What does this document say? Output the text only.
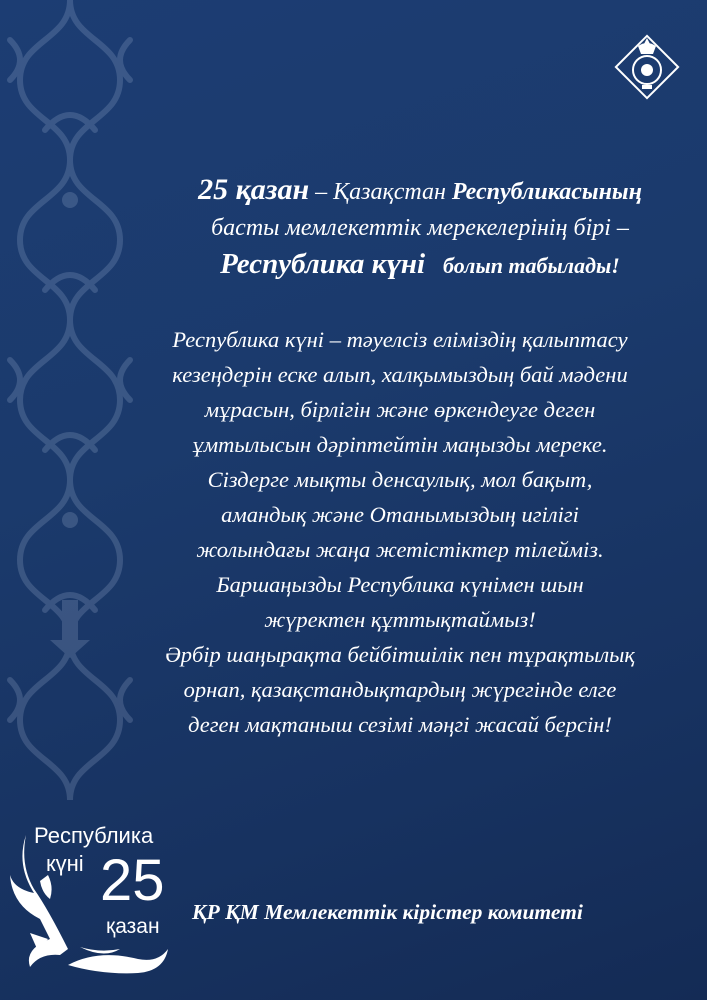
25 қазан – Қазақстан Республикасының
басты мемлекеттік мерекелерінің бірі –
Республика күні болып табылады!
Республика күні – тәуелсіз еліміздің қалыптасу
кезеңдерін еске алып, халқымыздың бай мәдени
мұрасын, бірлігін және өркендеуге деген
ұмтылысын дәріптейтін маңызды мереке.
Сіздерге мықты денсаулық, мол бақыт,
амандық және Отанымыздың игілігі
жолындағы жаңа жетістіктер тілейміз.
Баршаңызды Республика күнімен шын
жүректен құттықтаймыз!
Әрбір шаңырақта бейбітшілік пен тұрақтылық
орнап, қазақстандықтардың жүрегінде елге
деген мақтаныш сезімі мәңгі жасай берсін!
Республика
күні 25
қазан
ҚР ҚМ Мемлекеттік кірістер комитеті
